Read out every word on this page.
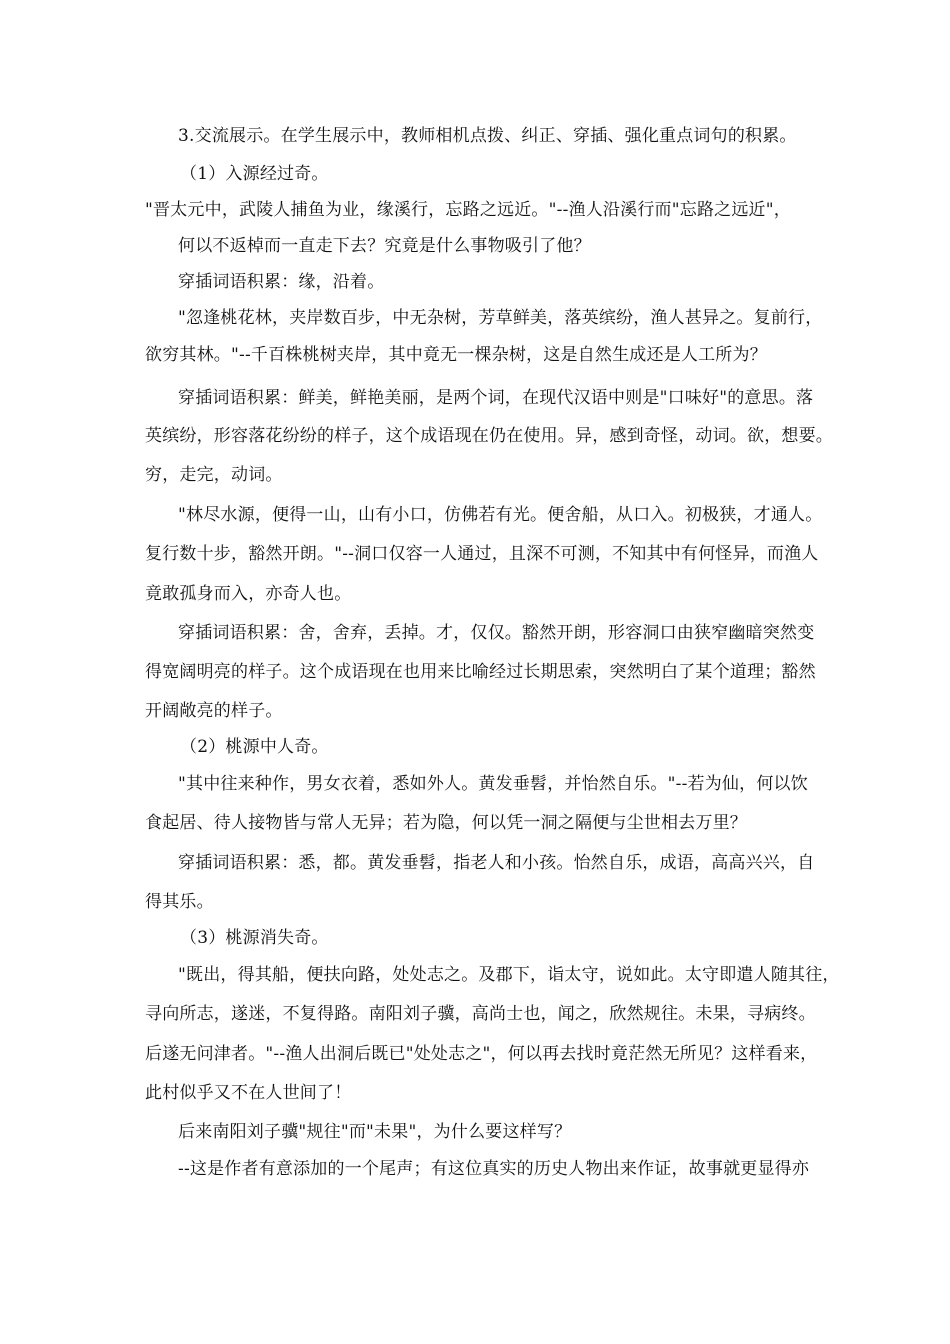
3.交流展示。在学生展示中，教师相机点拨、纠正、穿插、强化重点词句的积累。
（1）入源经过奇。
"晋太元中，武陵人捕鱼为业，缘溪行，忘路之远近。"--渔人沿溪行而"忘路之远近"，
何以不返棹而一直走下去？究竟是什么事物吸引了他？
穿插词语积累：缘，沿着。
"忽逢桃花林，夹岸数百步，中无杂树，芳草鲜美，落英缤纷，渔人甚异之。复前行，
欲穷其林。"--千百株桃树夹岸，其中竟无一棵杂树，这是自然生成还是人工所为？
穿插词语积累：鲜美，鲜艳美丽，是两个词，在现代汉语中则是"口味好"的意思。落
英缤纷，形容落花纷纷的样子，这个成语现在仍在使用。异，感到奇怪，动词。欲，想要。
穷，走完，动词。
"林尽水源，便得一山，山有小口，仿佛若有光。便舍船，从口入。初极狭，才通人。
复行数十步，豁然开朗。"--洞口仅容一人通过，且深不可测，不知其中有何怪异，而渔人
竟敢孤身而入，亦奇人也。
穿插词语积累：舍，舍弃，丢掉。才，仅仅。豁然开朗，形容洞口由狭窄幽暗突然变
得宽阔明亮的样子。这个成语现在也用来比喻经过长期思索，突然明白了某个道理；豁然
开阔敞亮的样子。
（2）桃源中人奇。
"其中往来种作，男女衣着，悉如外人。黄发垂髫，并怡然自乐。"--若为仙，何以饮
食起居、待人接物皆与常人无异；若为隐，何以凭一洞之隔便与尘世相去万里？
穿插词语积累：悉，都。黄发垂髫，指老人和小孩。怡然自乐，成语，高高兴兴，自
得其乐。
（3）桃源消失奇。
"既出，得其船，便扶向路，处处志之。及郡下，诣太守，说如此。太守即遣人随其往，
寻向所志，遂迷，不复得路。南阳刘子骥，高尚士也，闻之，欣然规往。未果，寻病终。
后遂无问津者。"--渔人出洞后既已"处处志之"，何以再去找时竟茫然无所见？这样看来，
此村似乎又不在人世间了！
后来南阳刘子骥"规往"而"未果"，为什么要这样写？
--这是作者有意添加的一个尾声；有这位真实的历史人物出来作证，故事就更显得亦
